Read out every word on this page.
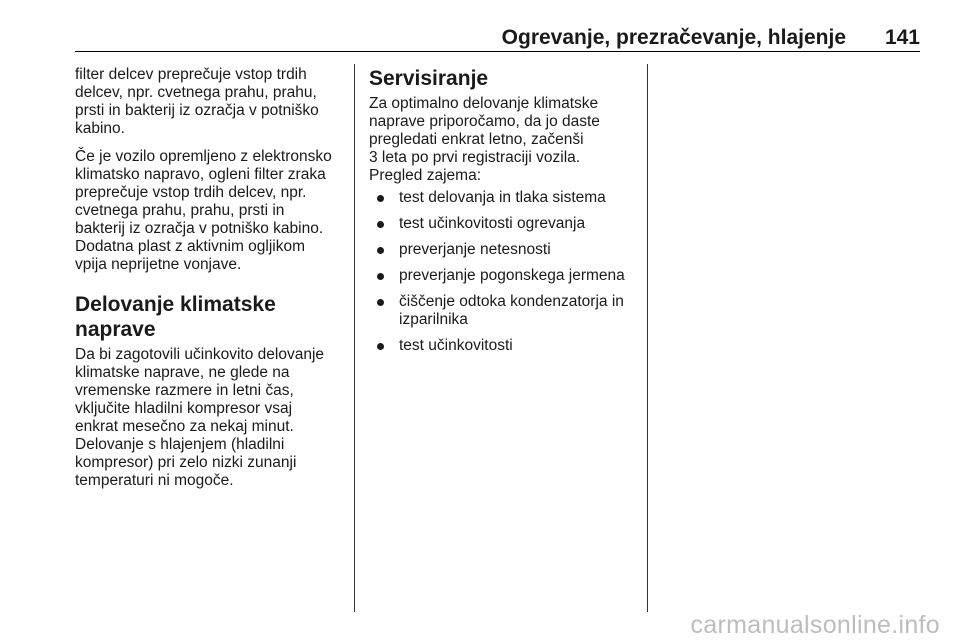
Ogrevanje, prezračevanje, hlajenje 141

filter delcev preprečuje vstop trdih
delcev, npr. cvetnega prahu, prahu,
prsti in bakterij iz ozračja v potniško
kabino.

Če je vozilo opremljeno z elektronsko
klimatsko napravo, ogleni filter zraka
preprečuje vstop trdih delcev, npr.
cvetnega prahu, prahu, prsti in
bakterij iz ozračja v potniško kabino.
Dodatna plast z aktivnim ogljikom
vpija neprijetne vonjave.

Delovanje klimatske
naprave

Da bi zagotovili učinkovito delovanje
klimatske naprave, ne glede na
vremenske razmere in letni čas,
vključite hladilni kompresor vsaj
enkrat mesečno za nekaj minut.
Delovanje s hlajenjem (hladilni
kompresor) pri zelo nizki zunanji
temperaturi ni mogoče.

Servisiranje

Za optimalno delovanje klimatske
naprave priporočamo, da jo daste
pregledati enkrat letno, začenši
3 leta po prvi registraciji vozila.
Pregled zajema:

test delovanja in tlaka sistema
test učinkovitosti ogrevanja
preverjanje netesnosti
preverjanje pogonskega jermena
čiščenje odtoka kondenzatorja in
izparilnika
test učinkovitosti
carmanualsonline.info
